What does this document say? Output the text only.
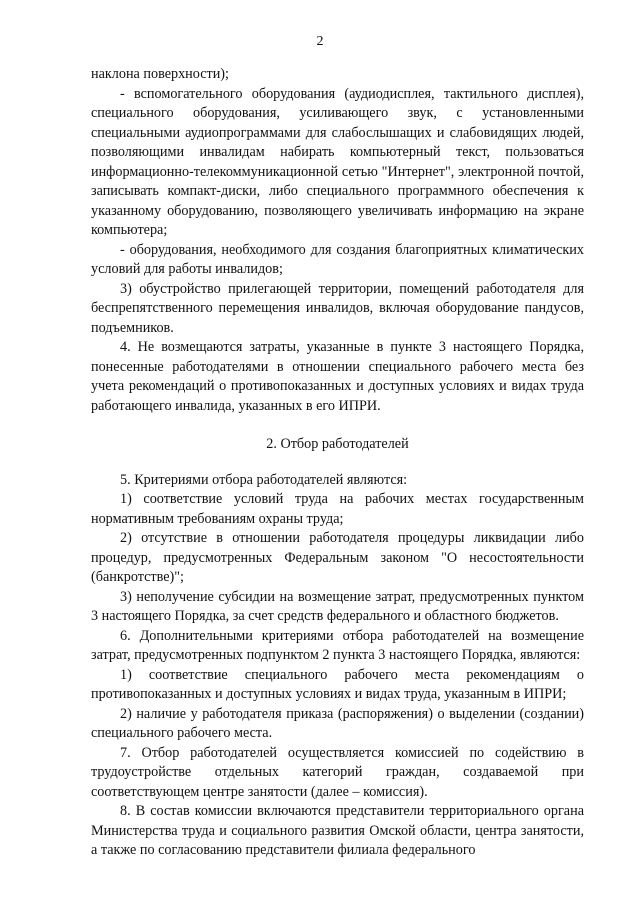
2

наклона поверхности);

- вспомогательного оборудования (аудиодисплея, тактильного дисплея), специального оборудования, усиливающего звук, с установленными специальными аудиопрограммами для слабослышащих и слабовидящих людей, позволяющими инвалидам набирать компьютерный текст, пользоваться информационно-телекоммуникационной сетью "Интернет", электронной почтой, записывать компакт-диски, либо специального программного обеспечения к указанному оборудованию, позволяющего увеличивать информацию на экране компьютера;

- оборудования, необходимого для создания благоприятных климатических условий для работы инвалидов;

3) обустройство прилегающей территории, помещений работодателя для беспрепятственного перемещения инвалидов, включая оборудование пандусов, подъемников.

4. Не возмещаются затраты, указанные в пункте 3 настоящего Порядка, понесенные работодателями в отношении специального рабочего места без учета рекомендаций о противопоказанных и доступных условиях и видах труда работающего инвалида, указанных в его ИПРИ.

2. Отбор работодателей

5. Критериями отбора работодателей являются:

1) соответствие условий труда на рабочих местах государственным нормативным требованиям охраны труда;

2) отсутствие в отношении работодателя процедуры ликвидации либо процедур, предусмотренных Федеральным законом "О несостоятельности (банкротстве)";

3) неполучение субсидии на возмещение затрат, предусмотренных пунктом 3 настоящего Порядка, за счет средств федерального и областного бюджетов.

6. Дополнительными критериями отбора работодателей на возмещение затрат, предусмотренных подпунктом 2 пункта 3 настоящего Порядка, являются:

1) соответствие специального рабочего места рекомендациям о противопоказанных и доступных условиях и видах труда, указанным в ИПРИ;

2) наличие у работодателя приказа (распоряжения) о выделении (создании) специального рабочего места.

7. Отбор работодателей осуществляется комиссией по содействию в трудоустройстве отдельных категорий граждан, создаваемой при соответствующем центре занятости (далее – комиссия).

8. В состав комиссии включаются представители территориального органа Министерства труда и социального развития Омской области, центра занятости, а также по согласованию представители филиала федерального
